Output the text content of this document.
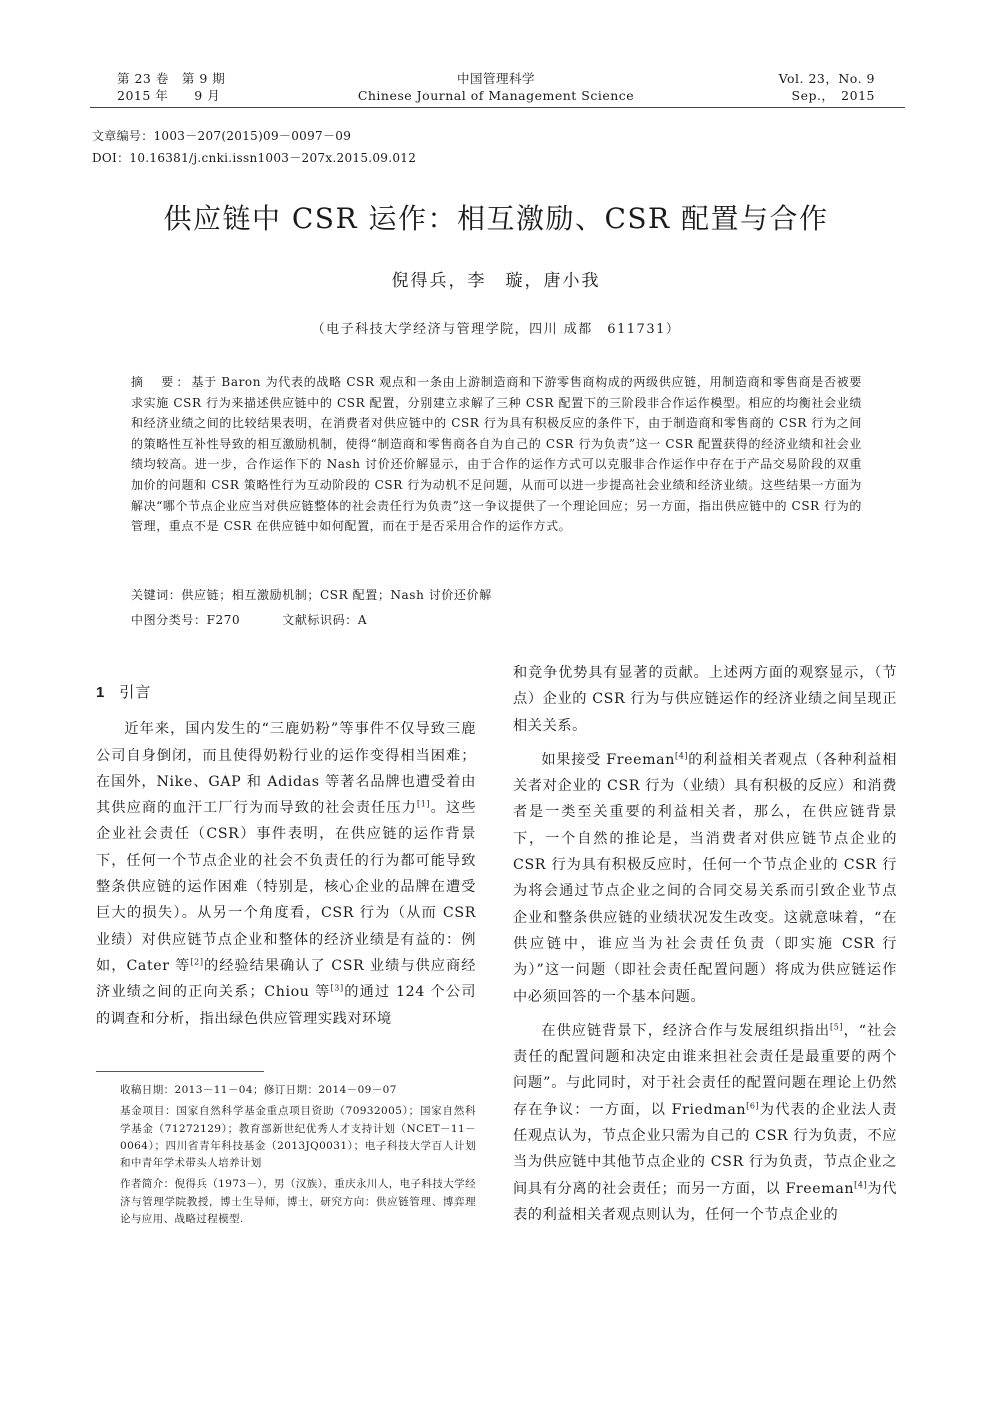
第 23 卷　第 9 期
2015 年　　9 月
中国管理科学
Chinese Journal of Management Science
Vol. 23，No. 9
Sep.，　2015
文章编号：1003－207(2015)09－0097－09
DOI：10.16381/j.cnki.issn1003－207x.2015.09.012
供应链中 CSR 运作：相互激励、CSR 配置与合作
倪得兵，李　璇，唐小我
（电子科技大学经济与管理学院，四川 成都　611731）
摘　要：基于 Baron 为代表的战略 CSR 观点和一条由上游制造商和下游零售商构成的两级供应链，用制造商和零售商是否被要求实施 CSR 行为来描述供应链中的 CSR 配置，分别建立求解了三种 CSR 配置下的三阶段非合作运作模型。相应的均衡社会业绩和经济业绩之间的比较结果表明，在消费者对供应链中的 CSR 行为具有积极反应的条件下，由于制造商和零售商的 CSR 行为之间的策略性互补性导致的相互激励机制，使得“制造商和零售商各自为自己的 CSR 行为负责”这一 CSR 配置获得的经济业绩和社会业绩均较高。进一步，合作运作下的 Nash 讨价还价解显示，由于合作的运作方式可以克服非合作运作中存在于产品交易阶段的双重加价的问题和 CSR 策略性行为互动阶段的 CSR 行为动机不足问题，从而可以进一步提高社会业绩和经济业绩。这些结果一方面为解决“哪个节点企业应当对供应链整体的社会责任行为负责”这一争议提供了一个理论回应；另一方面，指出供应链中的 CSR 行为的管理，重点不是 CSR 在供应链中如何配置，而在于是否采用合作的运作方式。
关键词：供应链；相互激励机制；CSR 配置；Nash 讨价还价解
中图分类号：F270	文献标识码：A
1 引言

近年来，国内发生的“三鹿奶粉”等事件不仅导致三鹿公司自身倒闭，而且使得奶粉行业的运作变得相当困难；在国外，Nike、GAP 和 Adidas 等著名品牌也遭受着由其供应商的血汗工厂行为而导致的社会责任压力[1]。这些企业社会责任（CSR）事件表明，在供应链的运作背景下，任何一个节点企业的社会不负责任的行为都可能导致整条供应链的运作困难（特别是，核心企业的品牌在遭受巨大的损失）。从另一个角度看，CSR 行为（从而 CSR 业绩）对供应链节点企业和整体的经济业绩是有益的：例如，Cater 等[2]的经验结果确认了 CSR 业绩与供应商经济业绩之间的正向关系；Chiou 等[3]的通过 124 个公司的调查和分析，指出绿色供应管理实践对环境

和竞争优势具有显著的贡献。上述两方面的观察显示，（节点）企业的 CSR 行为与供应链运作的经济业绩之间呈现正相关关系。

如果接受 Freeman[4]的利益相关者观点（各种利益相关者对企业的 CSR 行为（业绩）具有积极的反应）和消费者是一类至关重要的利益相关者，那么，在供应链背景下，一个自然的推论是，当消费者对供应链节点企业的 CSR 行为具有积极反应时，任何一个节点企业的 CSR 行为将会通过节点企业之间的合同交易关系而引致企业节点企业和整条供应链的业绩状况发生改变。这就意味着，“在供应链中，谁应当为社会责任负责（即实施 CSR 行为）”这一问题（即社会责任配置问题）将成为供应链运作中必须回答的一个基本问题。

在供应链背景下，经济合作与发展组织指出[5]，“社会责任的配置问题和决定由谁来担社会责任是最重要的两个问题”。与此同时，对于社会责任的配置问题在理论上仍然存在争议：一方面，以 Friedman[6]为代表的企业法人责任观点认为，节点企业只需为自己的 CSR 行为负责，不应当为供应链中其他节点企业的 CSR 行为负责，节点企业之间具有分离的社会责任；而另一方面，以 Freeman[4]为代表的利益相关者观点则认为，任何一个节点企业的

收稿日期：2013－11－04；修订日期：2014－09－07

基金项目：国家自然科学基金重点项目资助（70932005）；国家自然科学基金（71272129）；教育部新世纪优秀人才支持计划（NCET－11－0064）；四川省青年科技基金（2013JQ0031）；电子科技大学百人计划和中青年学术带头人培养计划

作者简介：倪得兵（1973－），男（汉族），重庆永川人，电子科技大学经济与管理学院教授，博士生导师，博士，研究方向：供应链管理、博弈理论与应用、战略过程模型.
